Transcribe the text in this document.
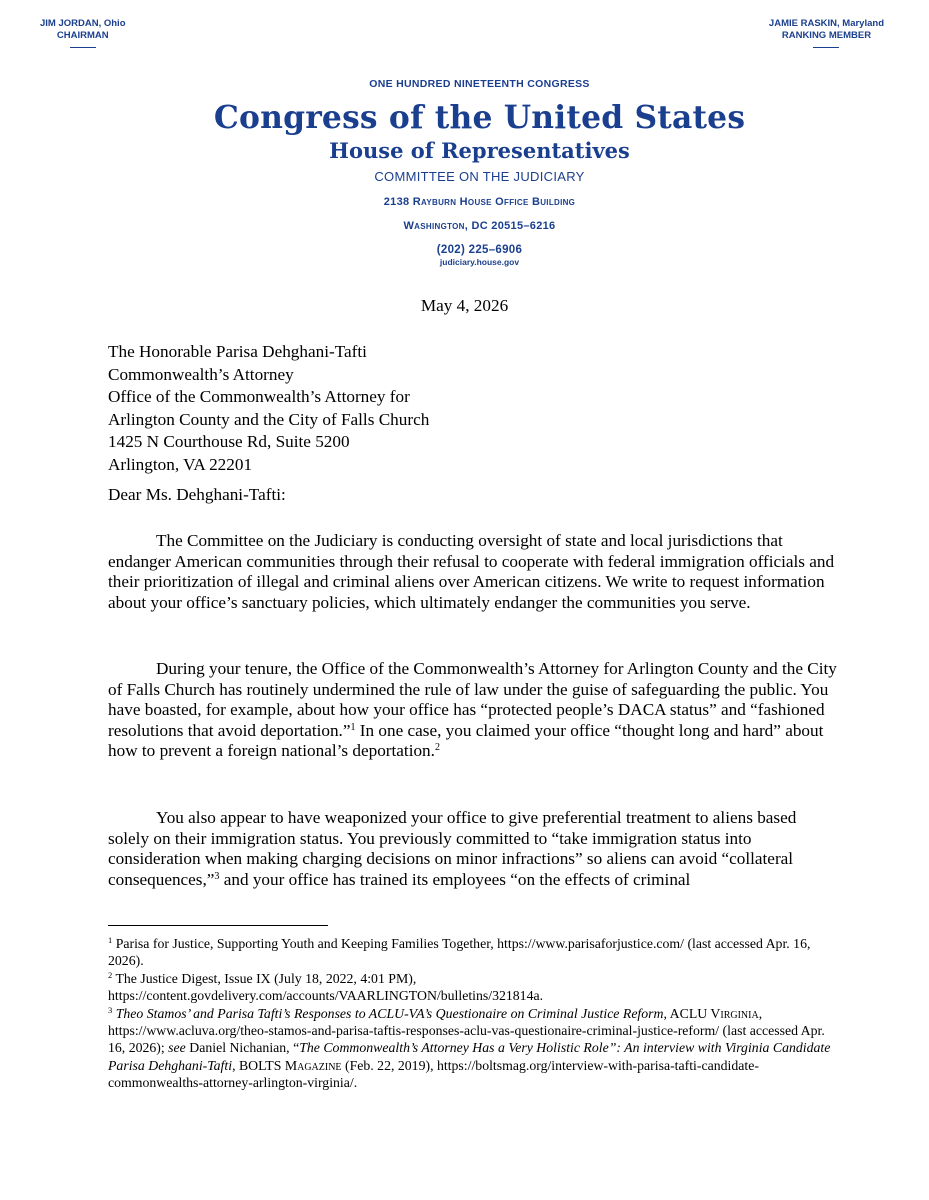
JIM JORDAN, Ohio
CHAIRMAN
JAMIE RASKIN, Maryland
RANKING MEMBER
ONE HUNDRED NINETEENTH CONGRESS
Congress of the United States
House of Representatives
COMMITTEE ON THE JUDICIARY
2138 Rayburn House Office Building
Washington, DC 20515–6216
(202) 225–6906
judiciary.house.gov
May 4, 2026
The Honorable Parisa Dehghani-Tafti
Commonwealth’s Attorney
Office of the Commonwealth’s Attorney for
Arlington County and the City of Falls Church
1425 N Courthouse Rd, Suite 5200
Arlington, VA 22201
Dear Ms. Dehghani-Tafti:
The Committee on the Judiciary is conducting oversight of state and local jurisdictions that endanger American communities through their refusal to cooperate with federal immigration officials and their prioritization of illegal and criminal aliens over American citizens. We write to request information about your office’s sanctuary policies, which ultimately endanger the communities you serve.
During your tenure, the Office of the Commonwealth’s Attorney for Arlington County and the City of Falls Church has routinely undermined the rule of law under the guise of safeguarding the public. You have boasted, for example, about how your office has “protected people’s DACA status” and “fashioned resolutions that avoid deportation.”$^1$ In one case, you claimed your office “thought long and hard” about how to prevent a foreign national’s deportation.$^2$
You also appear to have weaponized your office to give preferential treatment to aliens based solely on their immigration status. You previously committed to “take immigration status into consideration when making charging decisions on minor infractions” so aliens can avoid “collateral consequences,”$^3$ and your office has trained its employees “on the effects of criminal
$^1$ Parisa for Justice, Supporting Youth and Keeping Families Together, https://www.parisaforjustice.com/ (last accessed Apr. 16, 2026).
$^2$ The Justice Digest, Issue IX (July 18, 2022, 4:01 PM),
https://content.govdelivery.com/accounts/VAARLINGTON/bulletins/321814a.
$^3$ Theo Stamos’ and Parisa Tafti’s Responses to ACLU-VA’s Questionaire on Criminal Justice Reform, ACLU Virginia, https://www.acluva.org/theo-stamos-and-parisa-taftis-responses-aclu-vas-questionaire-criminal-justice-reform/ (last accessed Apr. 16, 2026); see Daniel Nichanian, “The Commonwealth’s Attorney Has a Very Holistic Role”: An interview with Virginia Candidate Parisa Dehghani-Tafti, BOLTS Magazine (Feb. 22, 2019), https://boltsmag.org/interview-with-parisa-tafti-candidate-commonwealths-attorney-arlington-virginia/.
